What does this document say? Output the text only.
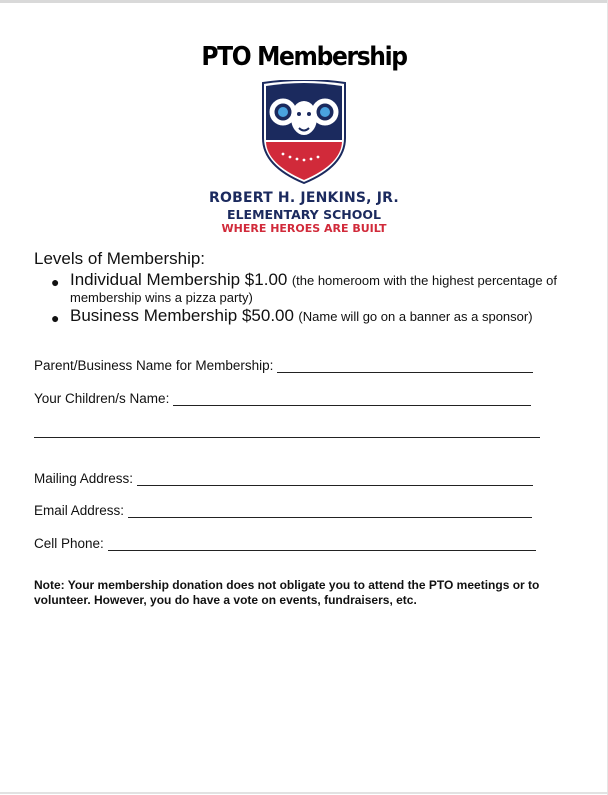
PTO Membership
ROBERT H. JENKINS, JR.
ELEMENTARY SCHOOL
WHERE HEROES ARE BUILT
Levels of Membership:
● Individual Membership $1.00 (the homeroom with the highest percentage of membership wins a pizza party)
● Business Membership $50.00 (Name will go on a banner as a sponsor)
Parent/Business Name for Membership:
Your Children/s Name:
Mailing Address:
Email Address:
Cell Phone:
Note: Your membership donation does not obligate you to attend the PTO meetings or to volunteer. However, you do have a vote on events, fundraisers, etc.
